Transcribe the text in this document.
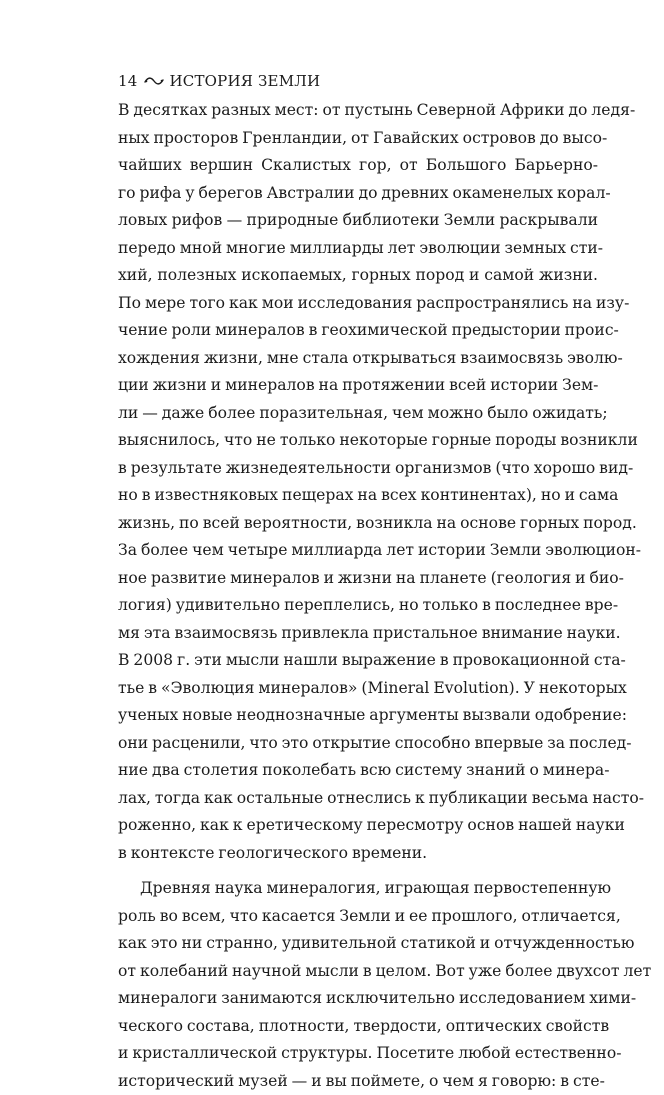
14 ИСТОРИЯ ЗЕМЛИ
В десятках разных мест: от пустынь Северной Африки до ледя-
ных просторов Гренландии, от Гавайских островов до высо-
чайших вершин Скалистых гор, от Большого Барьерно-
го рифа у берегов Австралии до древних окаменелых корал-
ловых рифов — природные библиотеки Земли раскрывали
передо мной многие миллиарды лет эволюции земных сти-
хий, полезных ископаемых, горных пород и самой жизни.
По мере того как мои исследования распространялись на изу-
чение роли минералов в геохимической предыстории проис-
хождения жизни, мне стала открываться взаимосвязь эволю-
ции жизни и минералов на протяжении всей истории Зем-
ли — даже более поразительная, чем можно было ожидать;
выяснилось, что не только некоторые горные породы возникли
в результате жизнедеятельности организмов (что хорошо вид-
но в известняковых пещерах на всех континентах), но и сама
жизнь, по всей вероятности, возникла на основе горных пород.
За более чем четыре миллиарда лет истории Земли эволюцион-
ное развитие минералов и жизни на планете (геология и био-
логия) удивительно переплелись, но только в последнее вре-
мя эта взаимосвязь привлекла пристальное внимание науки.
В 2008 г. эти мысли нашли выражение в провокационной ста-
тье в «Эволюция минералов» (Mineral Evolution). У некоторых
ученых новые неоднозначные аргументы вызвали одобрение:
они расценили, что это открытие способно впервые за послед-
ние два столетия поколебать всю систему знаний о минера-
лах, тогда как остальные отнеслись к публикации весьма насто-
роженно, как к еретическому пересмотру основ нашей науки
в контексте геологического времени.
Древняя наука минералогия, играющая первостепенную
роль во всем, что касается Земли и ее прошлого, отличается,
как это ни странно, удивительной статикой и отчужденностью
от колебаний научной мысли в целом. Вот уже более двухсот лет
минералоги занимаются исключительно исследованием хими-
ческого состава, плотности, твердости, оптических свойств
и кристаллической структуры. Посетите любой естественно-
исторический музей — и вы поймете, о чем я говорю: в сте-
